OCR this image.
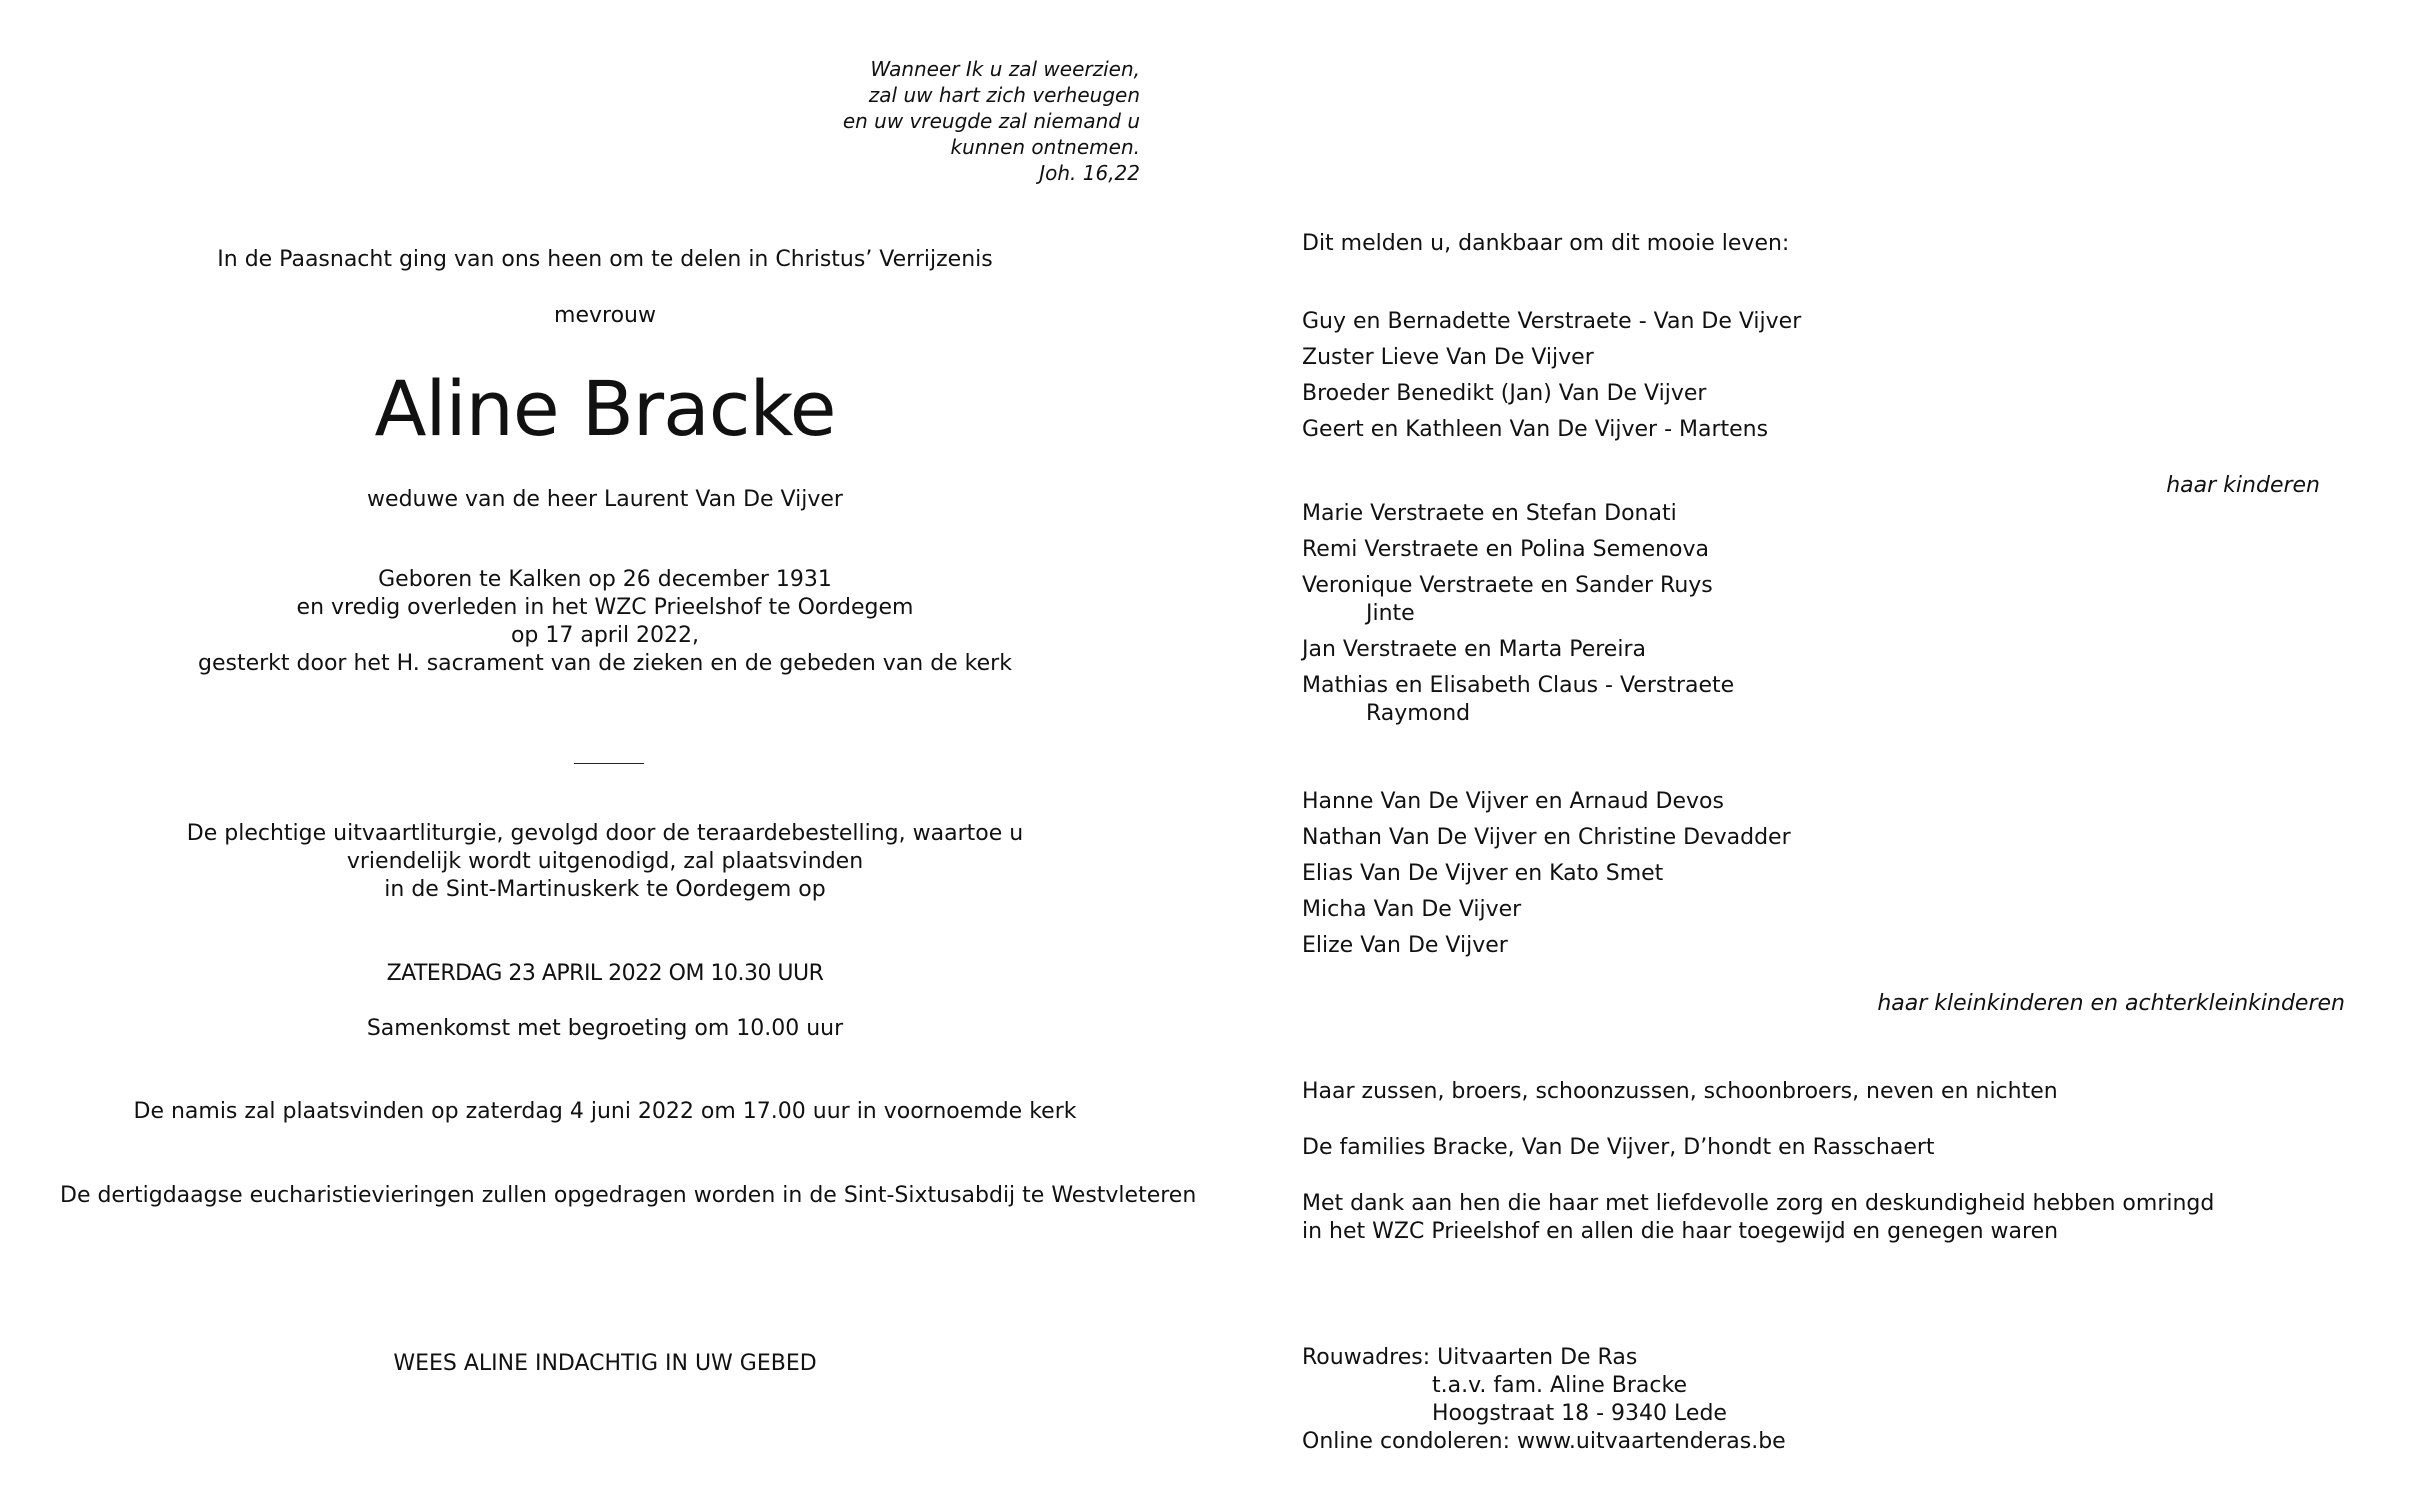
Wanneer Ik u zal weerzien,
zal uw hart zich verheugen
en uw vreugde zal niemand u
kunnen ontnemen.
Joh. 16,22
In de Paasnacht ging van ons heen om te delen in Christus’ Verrijzenis
mevrouw
Aline Bracke
weduwe van de heer Laurent Van De Vijver
Geboren te Kalken op 26 december 1931
en vredig overleden in het WZC Prieelshof te Oordegem
op 17 april 2022,
gesterkt door het H. sacrament van de zieken en de gebeden van de kerk
De plechtige uitvaartliturgie, gevolgd door de teraardebestelling, waartoe u
vriendelijk wordt uitgenodigd, zal plaatsvinden
in de Sint-Martinuskerk te Oordegem op
ZATERDAG 23 APRIL 2022 OM 10.30 UUR
Samenkomst met begroeting om 10.00 uur
De namis zal plaatsvinden op zaterdag 4 juni 2022 om 17.00 uur in voornoemde kerk
De dertigdaagse eucharistievieringen zullen opgedragen worden in de Sint-Sixtusabdij te Westvleteren
WEES ALINE INDACHTIG IN UW GEBED
Dit melden u, dankbaar om dit mooie leven:
Guy en Bernadette Verstraete - Van De Vijver
Zuster Lieve Van De Vijver
Broeder Benedikt (Jan) Van De Vijver
Geert en Kathleen Van De Vijver - Martens
haar kinderen
Marie Verstraete en Stefan Donati
Remi Verstraete en Polina Semenova
Veronique Verstraete en Sander Ruys
Jinte
Jan Verstraete en Marta Pereira
Mathias en Elisabeth Claus - Verstraete
Raymond
Hanne Van De Vijver en Arnaud Devos
Nathan Van De Vijver en Christine Devadder
Elias Van De Vijver en Kato Smet
Micha Van De Vijver
Elize Van De Vijver
haar kleinkinderen en achterkleinkinderen
Haar zussen, broers, schoonzussen, schoonbroers, neven en nichten
De families Bracke, Van De Vijver, D’hondt en Rasschaert
Met dank aan hen die haar met liefdevolle zorg en deskundigheid hebben omringd
in het WZC Prieelshof en allen die haar toegewijd en genegen waren
Rouwadres: Uitvaarten De Ras
t.a.v. fam. Aline Bracke
Hoogstraat 18 - 9340 Lede
Online condoleren: www.uitvaartenderas.be
